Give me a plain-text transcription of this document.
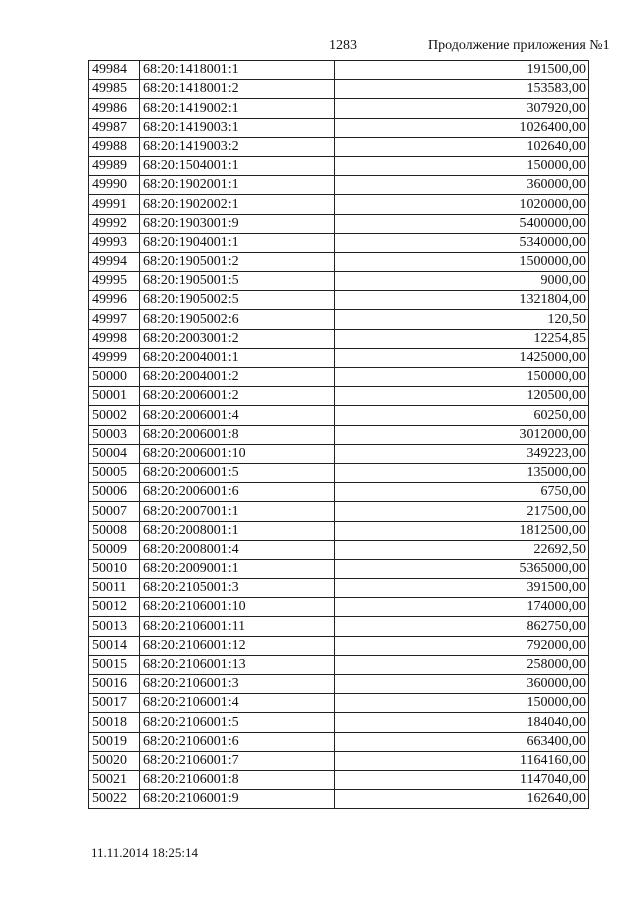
1283	Продолжение приложения №1
49984	68:20:1418001:1	191500,00
49985	68:20:1418001:2	153583,00
49986	68:20:1419002:1	307920,00
49987	68:20:1419003:1	1026400,00
49988	68:20:1419003:2	102640,00
49989	68:20:1504001:1	150000,00
49990	68:20:1902001:1	360000,00
49991	68:20:1902002:1	1020000,00
49992	68:20:1903001:9	5400000,00
49993	68:20:1904001:1	5340000,00
49994	68:20:1905001:2	1500000,00
49995	68:20:1905001:5	9000,00
49996	68:20:1905002:5	1321804,00
49997	68:20:1905002:6	120,50
49998	68:20:2003001:2	12254,85
49999	68:20:2004001:1	1425000,00
50000	68:20:2004001:2	150000,00
50001	68:20:2006001:2	120500,00
50002	68:20:2006001:4	60250,00
50003	68:20:2006001:8	3012000,00
50004	68:20:2006001:10	349223,00
50005	68:20:2006001:5	135000,00
50006	68:20:2006001:6	6750,00
50007	68:20:2007001:1	217500,00
50008	68:20:2008001:1	1812500,00
50009	68:20:2008001:4	22692,50
50010	68:20:2009001:1	5365000,00
50011	68:20:2105001:3	391500,00
50012	68:20:2106001:10	174000,00
50013	68:20:2106001:11	862750,00
50014	68:20:2106001:12	792000,00
50015	68:20:2106001:13	258000,00
50016	68:20:2106001:3	360000,00
50017	68:20:2106001:4	150000,00
50018	68:20:2106001:5	184040,00
50019	68:20:2106001:6	663400,00
50020	68:20:2106001:7	1164160,00
50021	68:20:2106001:8	1147040,00
50022	68:20:2106001:9	162640,00
11.11.2014 18:25:14
